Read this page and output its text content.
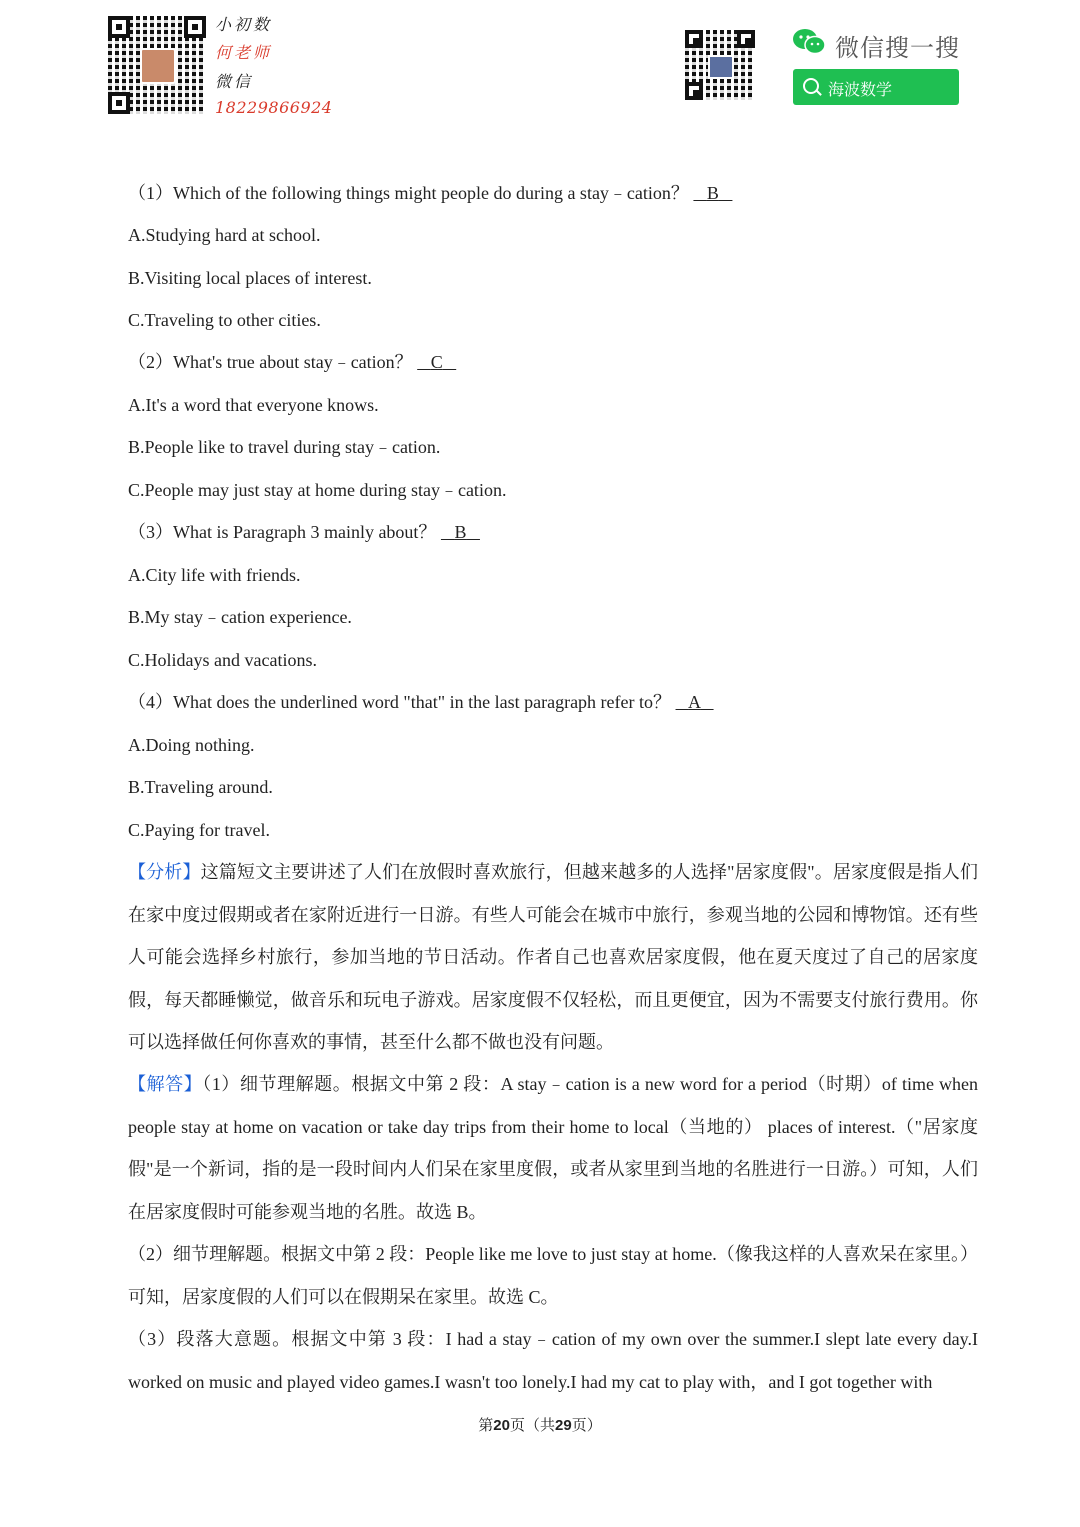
小初数
何老师
微信
18229866924
微信搜一搜
海波数学
（1）Which of the following things might people do during a stay﹣cation？ B
A.Studying hard at school.
B.Visiting local places of interest.
C.Traveling to other cities.
（2）What's true about stay﹣cation？ C
A.It's a word that everyone knows.
B.People like to travel during stay﹣cation.
C.People may just stay at home during stay﹣cation.
（3）What is Paragraph 3 mainly about？ B
A.City life with friends.
B.My stay﹣cation experience.
C.Holidays and vacations.
（4）What does the underlined word "that" in the last paragraph refer to？ A
A.Doing nothing.
B.Traveling around.
C.Paying for travel.
【分析】这篇短文主要讲述了人们在放假时喜欢旅行，但越来越多的人选择"居家度假"。居家度假是指人们在家中度过假期或者在家附近进行一日游。有些人可能会在城市中旅行，参观当地的公园和博物馆。还有些人可能会选择乡村旅行，参加当地的节日活动。作者自己也喜欢居家度假，他在夏天度过了自己的居家度假，每天都睡懒觉，做音乐和玩电子游戏。居家度假不仅轻松，而且更便宜，因为不需要支付旅行费用。你可以选择做任何你喜欢的事情，甚至什么都不做也没有问题。
【解答】（1）细节理解题。根据文中第 2 段：A stay﹣cation is a new word for a period（时期）of time when people stay at home on vacation or take day trips from their home to local（当地的） places of interest.（"居家度假"是一个新词，指的是一段时间内人们呆在家里度假，或者从家里到当地的名胜进行一日游。）可知，人们在居家度假时可能参观当地的名胜。故选 B。
（2）细节理解题。根据文中第 2 段：People like me love to just stay at home.（像我这样的人喜欢呆在家里。）可知，居家度假的人们可以在假期呆在家里。故选 C。
（3）段落大意题。根据文中第 3 段：I had a stay﹣cation of my own over the summer.I slept late every day.I worked on music and played video games.I wasn't too lonely.I had my cat to play with，and I got together with
第20页（共29页）
